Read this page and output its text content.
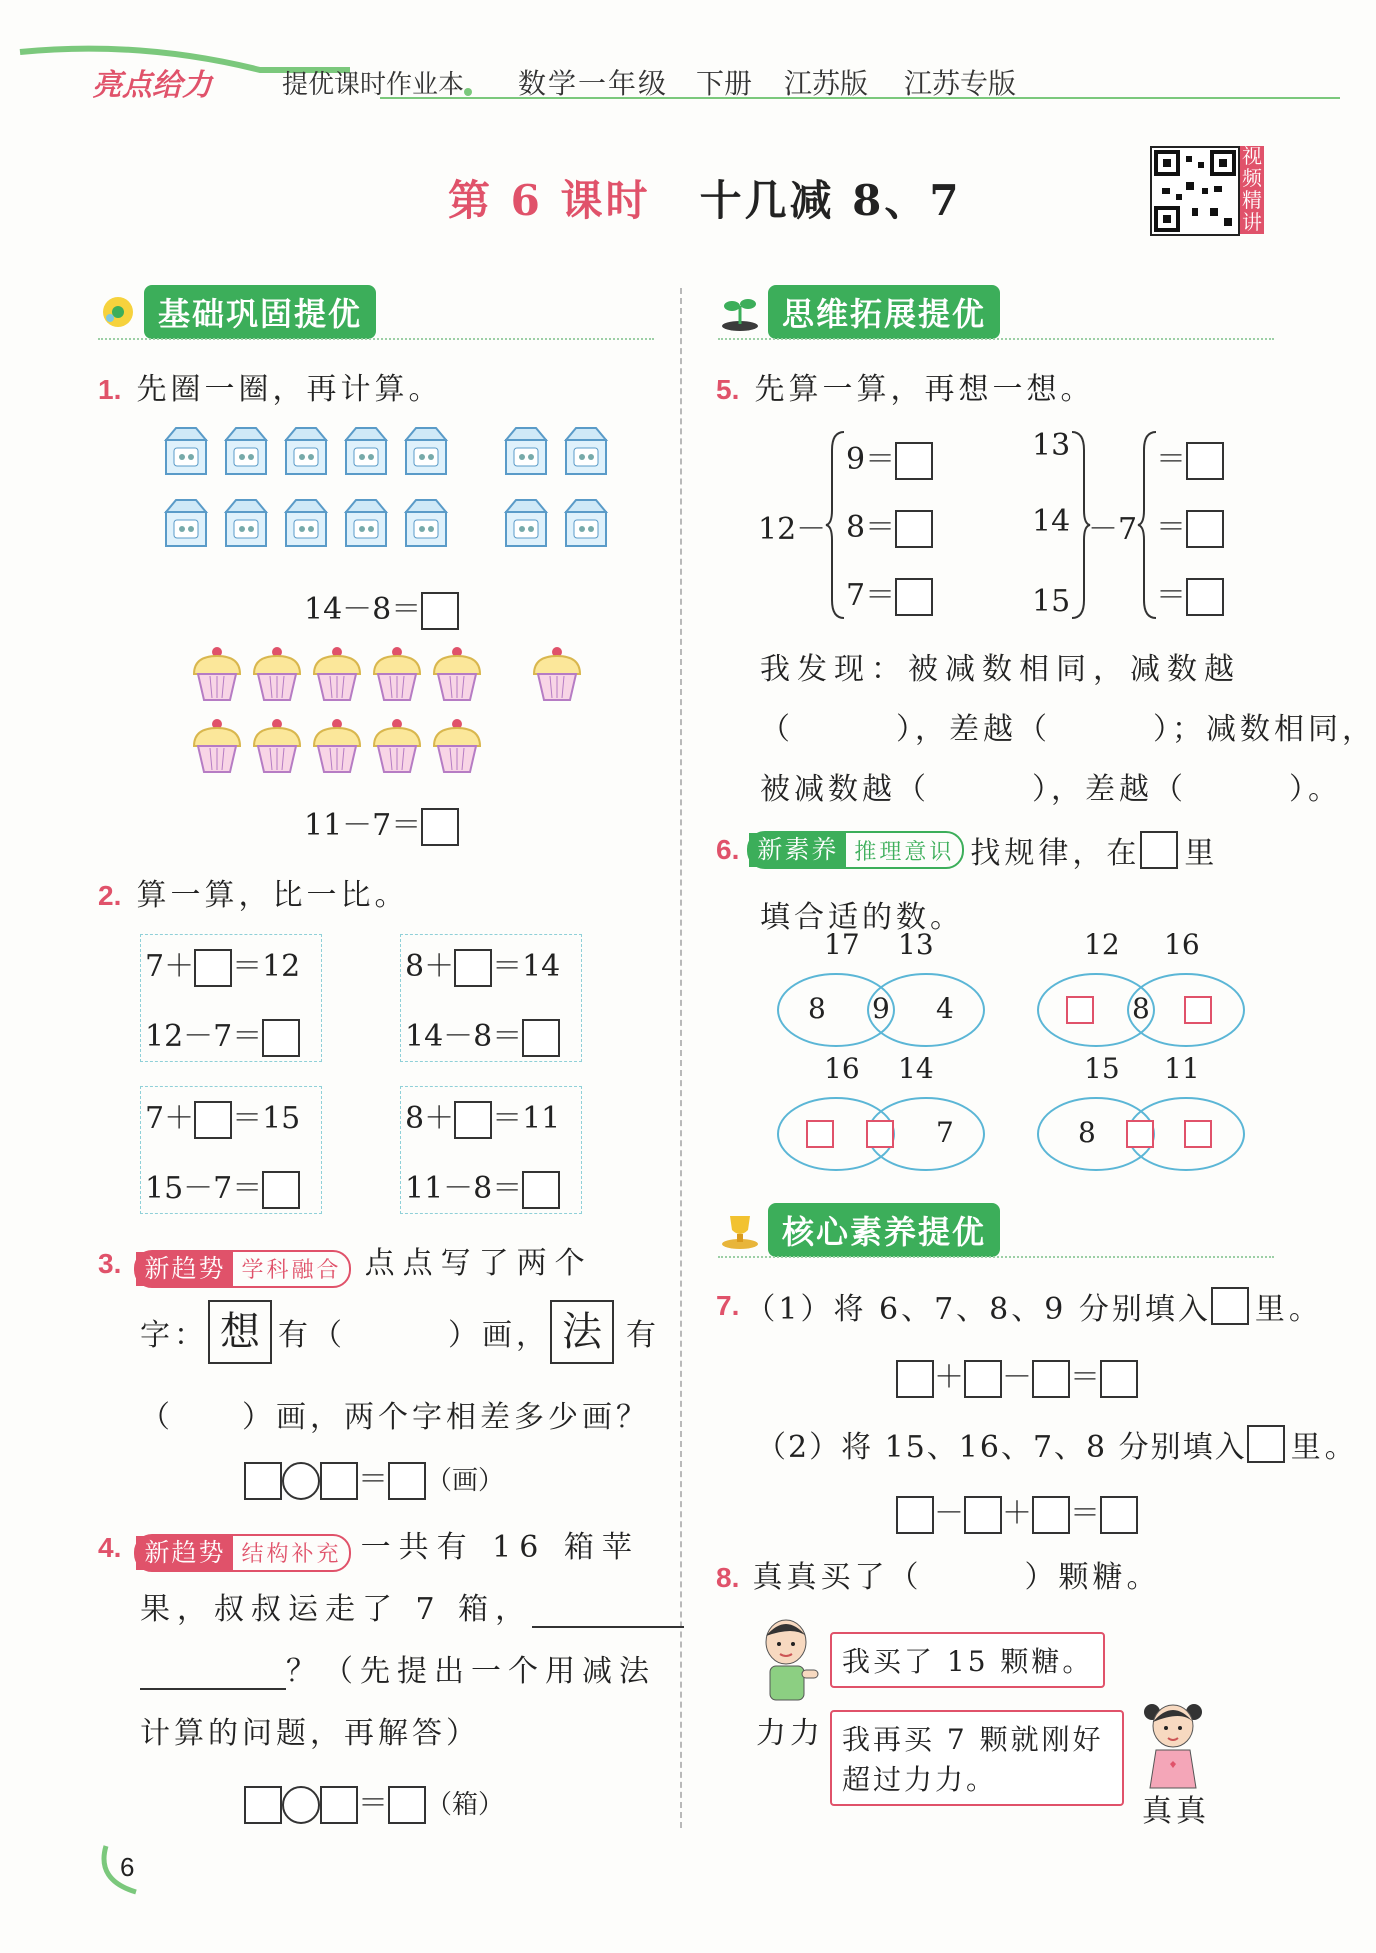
亮点给力	提优课时作业本 数学一年级 下册 江苏版 江苏专版
视频精讲
第 6 课时 十几减 8、7
基础巩固提优
1. 先圈一圈，再计算。
14－8＝
11－7＝
2. 算一算，比一比。
7＋ ＝12
12－7＝
8＋ ＝14
14－8＝
7＋ ＝15
15－7＝
8＋ ＝11
11－8＝
3. 新趋势 学科融合 点点写了两个
字： 想 有（　　　）画， 法 有
（　　）画，两个字相差多少画？
＝ （画）
4. 新趋势 结构补充 一共有 16 箱苹
果，叔叔运走了 7 箱，
？（先提出一个用减法
计算的问题，再解答）
＝ （箱）
思维拓展提优
5. 先算一算，再想一想。
12－
9＝
8＝
7＝
13
14
15
－7
＝
＝
＝
我发现：被减数相同，减数越
（　　　），差越（　　　）；减数相同，
被减数越（　　　），差越（　　　）。
6. 新素养 推理意识 找规律，在 里
填合适的数。
17 13
8 9 4
12 16
8
16 14
7
15 11
8
核心素养提优
7. （1）将 6、7、8、9 分别填入 里。
＋ － ＝
（2）将 15、16、7、8 分别填入 里。
－ ＋ ＝
8. 真真买了（　　　）颗糖。
力力
我买了 15 颗糖。
我再买 7 颗就刚好
超过力力。
真真
6
